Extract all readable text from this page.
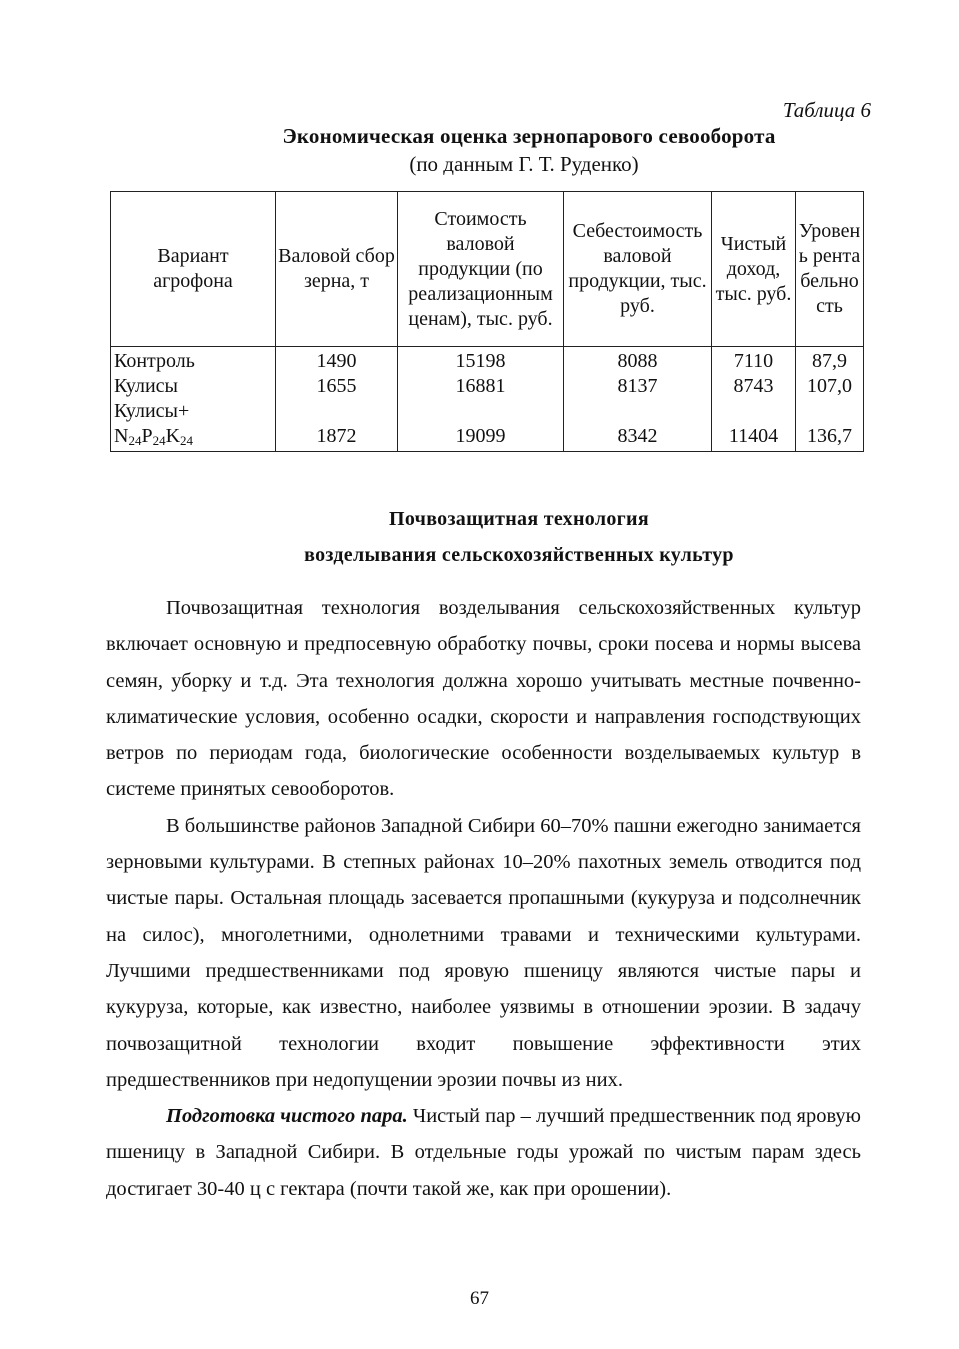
Таблица 6
Экономическая оценка зернопарового севооборота
(по данным Г. Т. Руденко)
Вариант агрофона	Валовой сбор зерна, т	Стоимость валовой продукции (по реализационным ценам), тыс. руб.	Себестоимость валовой продукции, тыс. руб.	Чистый доход, тыс. руб.	Уровень рентабельность
Контроль	1490	15198	8088	7110	87,9
Кулисы	1655	16881	8137	8743	107,0
Кулисы+
$N_{24}P_{24}K_{24}$	1872	19099	8342	11404	136,7
Почвозащитная технология
возделывания сельскохозяйственных культур

Почвозащитная технология возделывания сельскохозяйственных культур включает основную и предпосевную обработку почвы, сроки посева и нормы высева семян, уборку и т.д. Эта технология должна хорошо учитывать местные почвенно-климатические условия, особенно осадки, скорости и направления господствующих ветров по периодам года, биологические особенности возделываемых культур в системе принятых севооборотов.

В большинстве районов Западной Сибири 60–70% пашни ежегодно занимается зерновыми культурами. В степных районах 10–20% пахотных земель отводится под чистые пары. Остальная площадь засевается пропашными (кукуруза и подсолнечник на силос), многолетними, однолетними травами и техническими культурами. Лучшими предшественниками под яровую пшеницу являются чистые пары и кукуруза, которые, как известно, наиболее уязвимы в отношении эрозии. В задачу почвозащитной технологии входит повышение эффективности этих предшественников при недопущении эрозии почвы из них.

Подготовка чистого пара. Чистый пар – лучший предшественник под яровую пшеницу в Западной Сибири. В отдельные годы урожай по чистым парам здесь достигает 30-40 ц с гектара (почти такой же, как при орошении).

67
